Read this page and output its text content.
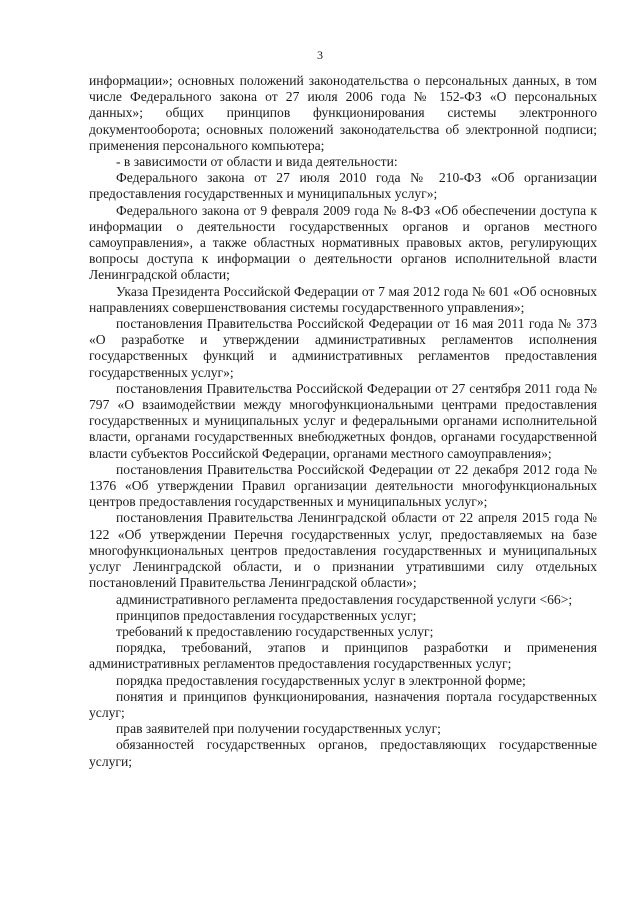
3

информации»; основных положений законодательства о персональных данных, в том числе Федерального закона от 27 июля 2006 года № 152-ФЗ «О персональных данных»; общих принципов функционирования системы электронного документооборота; основных положений законодательства об электронной подписи; применения персонального компьютера;

- в зависимости от области и вида деятельности:

Федерального закона от 27 июля 2010 года № 210-ФЗ «Об организации предоставления государственных и муниципальных услуг»;

Федерального закона от 9 февраля 2009 года № 8-ФЗ «Об обеспечении доступа к информации о деятельности государственных органов и органов местного самоуправления», а также областных нормативных правовых актов, регулирующих вопросы доступа к информации о деятельности органов исполнительной власти Ленинградской области;

Указа Президента Российской Федерации от 7 мая 2012 года № 601 «Об основных направлениях совершенствования системы государственного управления»;

постановления Правительства Российской Федерации от 16 мая 2011 года № 373 «О разработке и утверждении административных регламентов исполнения государственных функций и административных регламентов предоставления государственных услуг»;

постановления Правительства Российской Федерации от 27 сентября 2011 года № 797 «О взаимодействии между многофункциональными центрами предоставления государственных и муниципальных услуг и федеральными органами исполнительной власти, органами государственных внебюджетных фондов, органами государственной власти субъектов Российской Федерации, органами местного самоуправления»;

постановления Правительства Российской Федерации от 22 декабря 2012 года № 1376 «Об утверждении Правил организации деятельности многофункциональных центров предоставления государственных и муниципальных услуг»;

постановления Правительства Ленинградской области от 22 апреля 2015 года № 122 «Об утверждении Перечня государственных услуг, предоставляемых на базе многофункциональных центров предоставления государственных и муниципальных услуг Ленинградской области, и о признании утратившими силу отдельных постановлений Правительства Ленинградской области»;

административного регламента предоставления государственной услуги <66>;

принципов предоставления государственных услуг;

требований к предоставлению государственных услуг;

порядка, требований, этапов и принципов разработки и применения административных регламентов предоставления государственных услуг;

порядка предоставления государственных услуг в электронной форме;

понятия и принципов функционирования, назначения портала государственных услуг;

прав заявителей при получении государственных услуг;

обязанностей государственных органов, предоставляющих государственные услуги;
